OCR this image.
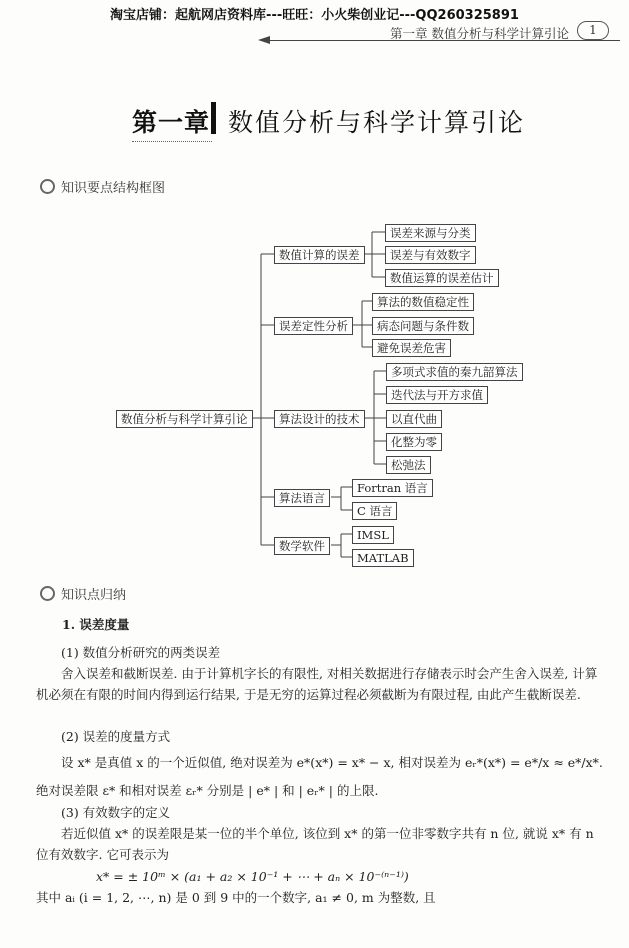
淘宝店铺：起航网店资料库---旺旺：小火柴创业记---QQ260325891
第一章 数值分析与科学计算引论	1
第一章 数值分析与科学计算引论
知识要点结构框图
数值分析与科学计算引论
数值计算的误差
误差来源与分类
误差与有效数字
数值运算的误差估计
误差定性分析
算法的数值稳定性
病态问题与条件数
避免误差危害
算法设计的技术
多项式求值的秦九韶算法
迭代法与开方求值
以直代曲
化整为零
松弛法
算法语言
Fortran 语言
C 语言
数学软件
IMSL
MATLAB
知识点归纳
1. 误差度量
(1) 数值分析研究的两类误差
舍入误差和截断误差. 由于计算机字长的有限性, 对相关数据进行存储表示时会产生舍入误差, 计算机必须在有限的时间内得到运行结果, 于是无穷的运算过程必须截断为有限过程, 由此产生截断误差.
(2) 误差的度量方式
设 x* 是真值 x 的一个近似值, 绝对误差为 e*(x*) = x* − x, 相对误差为 eᵣ*(x*) = e*/x ≈ e*/x*.
绝对误差限 ε* 和相对误差 εᵣ* 分别是 | e* | 和 | eᵣ* | 的上限.
(3) 有效数字的定义
若近似值 x* 的误差限是某一位的半个单位, 该位到 x* 的第一位非零数字共有 n 位, 就说 x* 有 n 位有效数字. 它可表示为
x* = ± 10ᵐ × (a₁ + a₂ × 10⁻¹ + ⋯ + aₙ × 10⁻⁽ⁿ⁻¹⁾)
其中 aᵢ (i = 1, 2, ⋯, n) 是 0 到 9 中的一个数字, a₁ ≠ 0, m 为整数, 且
